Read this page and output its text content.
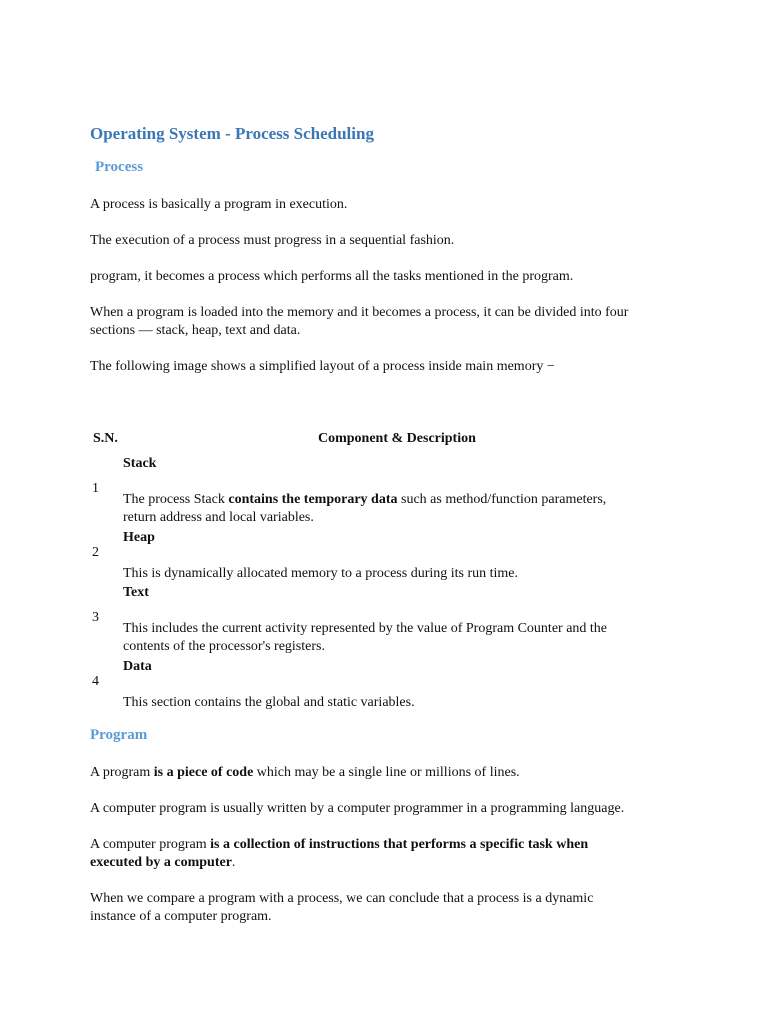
Operating System - Process Scheduling
Process

A process is basically a program in execution.

The execution of a process must progress in a sequential fashion.

program, it becomes a process which performs all the tasks mentioned in the program.

When a program is loaded into the memory and it becomes a process, it can be divided into four

sections — stack, heap, text and data.

The following image shows a simplified layout of a process inside main memory −

S.N.	Component & Description
Stack
1
The process Stack contains the temporary data such as method/function parameters,
return address and local variables.
Heap
2
This is dynamically allocated memory to a process during its run time.
Text
3
This includes the current activity represented by the value of Program Counter and the
contents of the processor's registers.
Data
4
This section contains the global and static variables.
Program

A program is a piece of code which may be a single line or millions of lines.

A computer program is usually written by a computer programmer in a programming language.

A computer program is a collection of instructions that performs a specific task when

executed by a computer.

When we compare a program with a process, we can conclude that a process is a dynamic

instance of a computer program.
